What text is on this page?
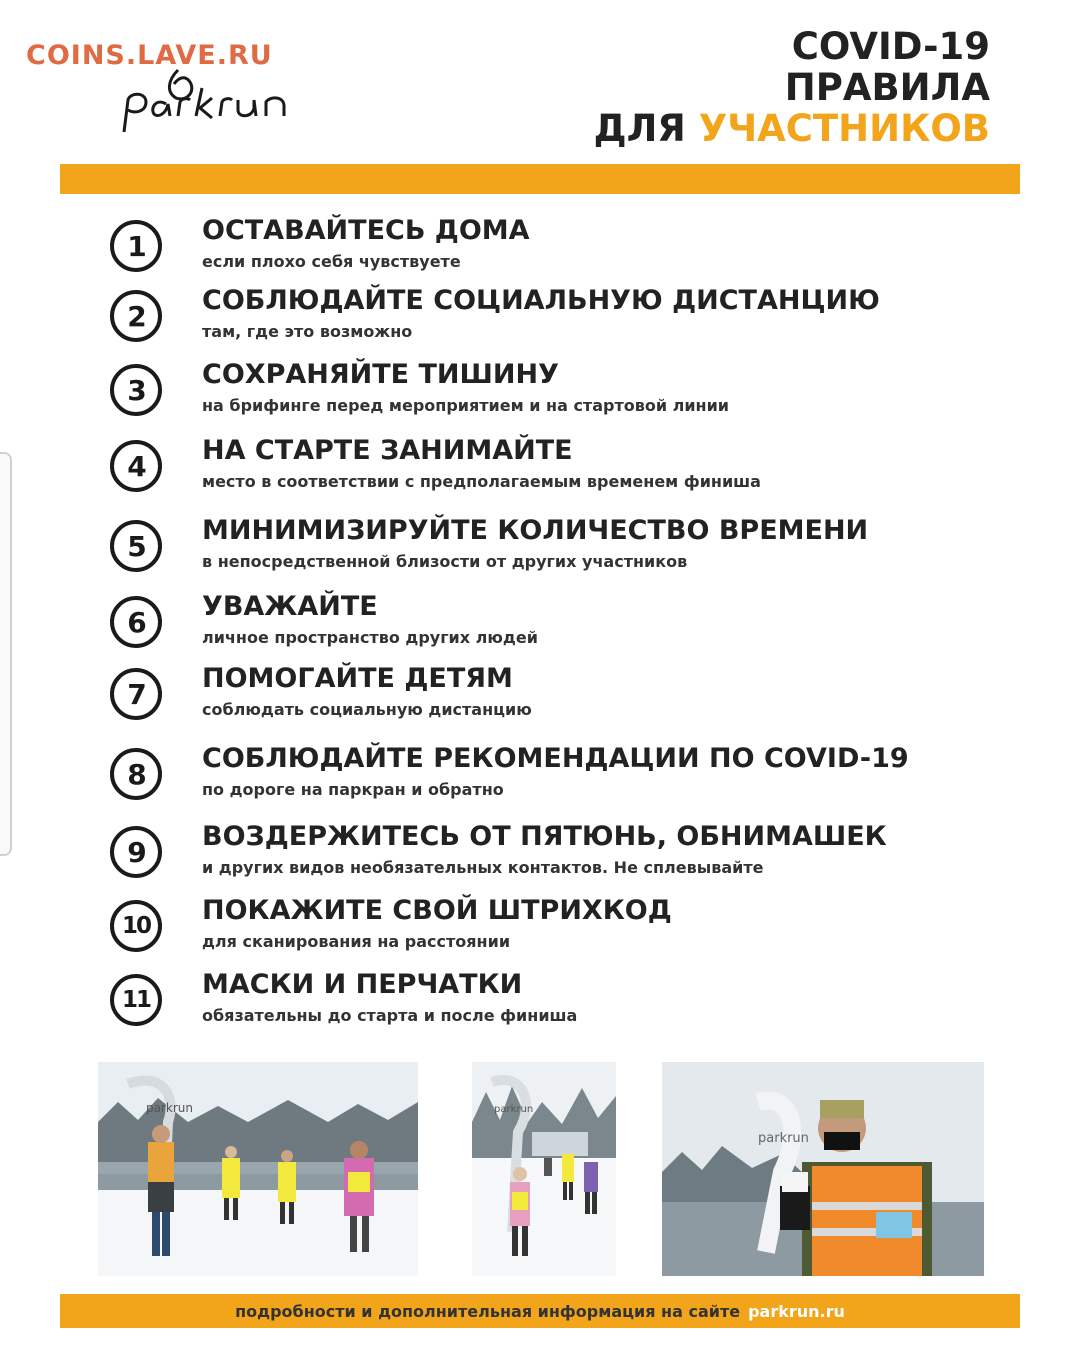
COINS.LAVE.RU	COVID-19
ПРАВИЛА
ДЛЯ УЧАСТНИКОВ
1	ОСТАВАЙТЕСЬ ДОМА
если плохо себя чувствуете
2	СОБЛЮДАЙТЕ СОЦИАЛЬНУЮ ДИСТАНЦИЮ
там, где это возможно
3	СОХРАНЯЙТЕ ТИШИНУ
на брифинге перед мероприятием и на стартовой линии
4	НА СТАРТЕ ЗАНИМАЙТЕ
место в соответствии с предполагаемым временем финиша
5	МИНИМИЗИРУЙТЕ КОЛИЧЕСТВО ВРЕМЕНИ
в непосредственной близости от других участников
6	УВАЖАЙТЕ
личное пространство других людей
7	ПОМОГАЙТЕ ДЕТЯМ
соблюдать социальную дистанцию
8	СОБЛЮДАЙТЕ РЕКОМЕНДАЦИИ ПО COVID-19
по дороге на паркран и обратно
9	ВОЗДЕРЖИТЕСЬ ОТ ПЯТЮНЬ, ОБНИМАШЕК
и других видов необязательных контактов. Не сплевывайте
10	ПОКАЖИТЕ СВОЙ ШТРИХКОД
для сканирования на расстоянии
11	МАСКИ И ПЕРЧАТКИ
обязательны до старта и после финиша
parkrun	parkrun
parkrun
подробности и дополнительная информация на сайте parkrun.ru
